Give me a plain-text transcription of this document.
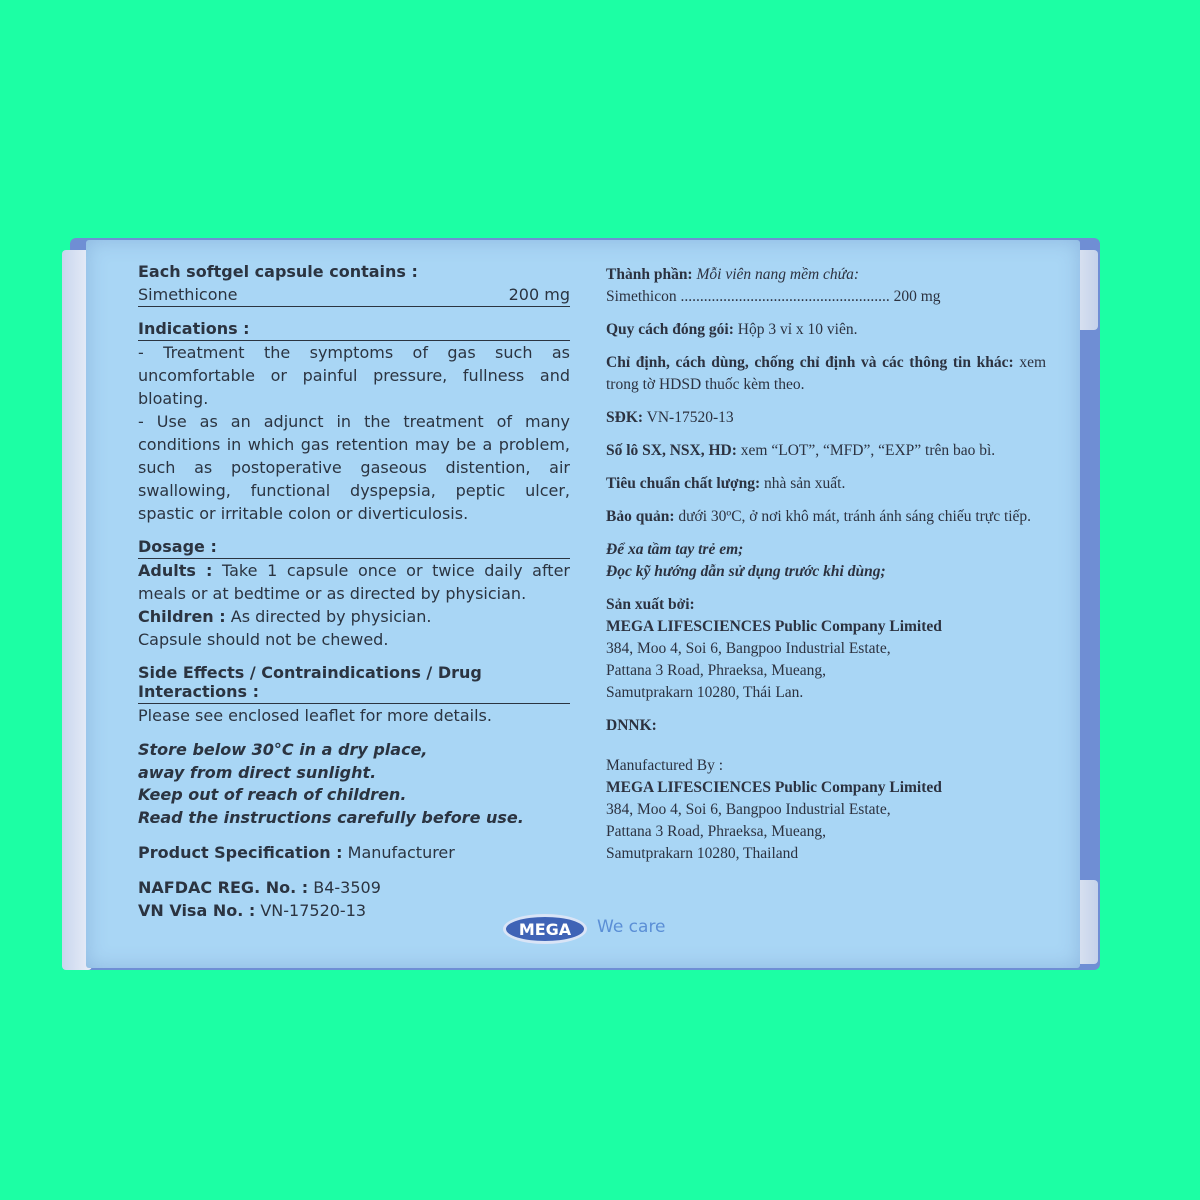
Each softgel capsule contains :

Simethicone	200 mg

Indications :

- Treatment the symptoms of gas such as uncomfortable or painful pressure, fullness and bloating.
- Use as an adjunct in the treatment of many conditions in which gas retention may be a problem, such as postoperative gaseous distention, air swallowing, functional dyspepsia, peptic ulcer, spastic or irritable colon or diverticulosis.

Dosage :

Adults : Take 1 capsule once or twice daily after meals or at bedtime or as directed by physician.
Children : As directed by physician.
Capsule should not be chewed.

Side Effects / Contraindications / Drug Interactions :

Please see enclosed leaflet for more details.
Store below 30°C in a dry place,
away from direct sunlight.
Keep out of reach of children.
Read the instructions carefully before use.
Product Specification : Manufacturer
NAFDAC REG. No. : B4-3509
VN Visa No. : VN-17520-13
Thành phần: Mỗi viên nang mềm chứa:
Simethicon ...................................................... 200 mg
Quy cách đóng gói: Hộp 3 vỉ x 10 viên.
Chỉ định, cách dùng, chống chỉ định và các thông tin khác: xem trong tờ HDSD thuốc kèm theo.
SĐK: VN-17520-13
Số lô SX, NSX, HD: xem “LOT”, “MFD”, “EXP” trên bao bì.
Tiêu chuẩn chất lượng: nhà sản xuất.
Bảo quản: dưới 30ºC, ở nơi khô mát, tránh ánh sáng chiếu trực tiếp.
Để xa tầm tay trẻ em;
Đọc kỹ hướng dẫn sử dụng trước khi dùng;
Sản xuất bởi:
MEGA LIFESCIENCES Public Company Limited
384, Moo 4, Soi 6, Bangpoo Industrial Estate,
Pattana 3 Road, Phraeksa, Mueang,
Samutprakarn 10280, Thái Lan.
DNNK:
Manufactured By :
MEGA LIFESCIENCES Public Company Limited
384, Moo 4, Soi 6, Bangpoo Industrial Estate,
Pattana 3 Road, Phraeksa, Mueang,
Samutprakarn 10280, Thailand
MEGA	We care
